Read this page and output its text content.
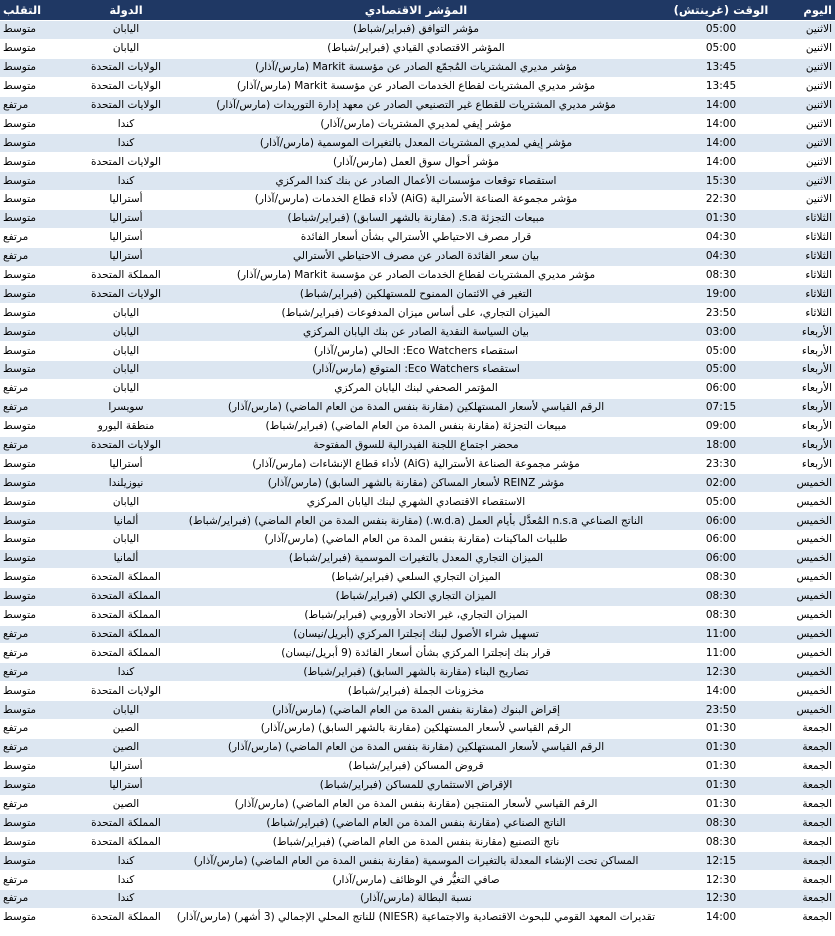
اليوم	الوقت (غرينتش)	المؤشر الاقتصادي	الدولة	التقلب
الاثنين	05:00	مؤشر التوافق (فبراير/شباط)	اليابان	متوسط
الاثنين	05:00	المؤشر الاقتصادي القيادي (فبراير/شباط)	اليابان	متوسط
الاثنين	13:45	مؤشر مديري المشتريات المُجمّع الصادر عن مؤسسة Markit (مارس/آذار)	الولايات المتحدة	متوسط
الاثنين	13:45	مؤشر مديري المشتريات لقطاع الخدمات الصادر عن مؤسسة Markit (مارس/آذار)	الولايات المتحدة	متوسط
الاثنين	14:00	مؤشر مديري المشتريات للقطاع غير التصنيعي الصادر عن معهد إدارة التوريدات (مارس/آذار)	الولايات المتحدة	مرتفع
الاثنين	14:00	مؤشر إيفي لمديري المشتريات (مارس/آذار)	كندا	متوسط
الاثنين	14:00	مؤشر إيفي لمديري المشتريات المعدل بالتغيرات الموسمية (مارس/آذار)	كندا	متوسط
الاثنين	14:00	مؤشر أحوال سوق العمل (مارس/آذار)	الولايات المتحدة	متوسط
الاثنين	15:30	استقصاء توقعات مؤسسات الأعمال الصادر عن بنك كندا المركزي	كندا	متوسط
الاثنين	22:30	مؤشر مجموعة الصناعة الأسترالية (AiG) لأداء قطاع الخدمات (مارس/آذار)	أستراليا	متوسط
الثلاثاء	01:30	مبيعات التجزئة s.a. (مقارنة بالشهر السابق) (فبراير/شباط)	أستراليا	متوسط
الثلاثاء	04:30	قرار مصرف الاحتياطي الأسترالي بشأن أسعار الفائدة	أستراليا	مرتفع
الثلاثاء	04:30	بيان سعر الفائدة الصادر عن مصرف الاحتياطي الأسترالي	أستراليا	مرتفع
الثلاثاء	08:30	مؤشر مديري المشتريات لقطاع الخدمات الصادر عن مؤسسة Markit (مارس/آذار)	المملكة المتحدة	متوسط
الثلاثاء	19:00	التغير في الائتمان الممنوح للمستهلكين (فبراير/شباط)	الولايات المتحدة	متوسط
الثلاثاء	23:50	الميزان التجاري، على أساس ميزان المدفوعات (فبراير/شباط)	اليابان	متوسط
الأربعاء	03:00	بيان السياسة النقدية الصادر عن بنك اليابان المركزي	اليابان	متوسط
الأربعاء	05:00	استقصاء Eco Watchers: الحالي (مارس/آذار)	اليابان	متوسط
الأربعاء	05:00	استقصاء Eco Watchers: المتوقع (مارس/آذار)	اليابان	متوسط
الأربعاء	06:00	المؤتمر الصحفي لبنك اليابان المركزي	اليابان	مرتفع
الأربعاء	07:15	الرقم القياسي لأسعار المستهلكين (مقارنة بنفس المدة من العام الماضي) (مارس/آذار)	سويسرا	مرتفع
الأربعاء	09:00	مبيعات التجزئة (مقارنة بنفس المدة من العام الماضي) (فبراير/شباط)	منطقة اليورو	متوسط
الأربعاء	18:00	محضر اجتماع اللجنة الفيدرالية للسوق المفتوحة	الولايات المتحدة	مرتفع
الأربعاء	23:30	مؤشر مجموعة الصناعة الأسترالية (AiG) لأداء قطاع الإنشاءات (مارس/آذار)	أستراليا	متوسط
الخميس	02:00	مؤشر REINZ لأسعار المساكن (مقارنة بالشهر السابق) (مارس/آذار)	نيوزيلندا	متوسط
الخميس	05:00	الاستقصاء الاقتصادي الشهري لبنك اليابان المركزي	اليابان	متوسط
الخميس	06:00	الناتج الصناعي n.s.a المُعدَّل بأيام العمل (w.d.a.) (مقارنة بنفس المدة من العام الماضي) (فبراير/شباط)	ألمانيا	متوسط
الخميس	06:00	طلبيات الماكينات (مقارنة بنفس المدة من العام الماضي) (مارس/آذار)	اليابان	متوسط
الخميس	06:00	الميزان التجاري المعدل بالتغيرات الموسمية (فبراير/شباط)	ألمانيا	متوسط
الخميس	08:30	الميزان التجاري السلعي (فبراير/شباط)	المملكة المتحدة	متوسط
الخميس	08:30	الميزان التجاري الكلي (فبراير/شباط)	المملكة المتحدة	متوسط
الخميس	08:30	الميزان التجاري، غير الاتحاد الأوروبي (فبراير/شباط)	المملكة المتحدة	متوسط
الخميس	11:00	تسهيل شراء الأصول لبنك إنجلترا المركزي (أبريل/نيسان)	المملكة المتحدة	مرتفع
الخميس	11:00	قرار بنك إنجلترا المركزي بشأن أسعار الفائدة (9 أبريل/نيسان)	المملكة المتحدة	مرتفع
الخميس	12:30	تصاريح البناء (مقارنة بالشهر السابق) (فبراير/شباط)	كندا	مرتفع
الخميس	14:00	مخزونات الجملة (فبراير/شباط)	الولايات المتحدة	متوسط
الخميس	23:50	إقراض البنوك (مقارنة بنفس المدة من العام الماضي) (مارس/آذار)	اليابان	متوسط
الجمعة	01:30	الرقم القياسي لأسعار المستهلكين (مقارنة بالشهر السابق) (مارس/آذار)	الصين	مرتفع
الجمعة	01:30	الرقم القياسي لأسعار المستهلكين (مقارنة بنفس المدة من العام الماضي) (مارس/آذار)	الصين	مرتفع
الجمعة	01:30	قروض المساكن (فبراير/شباط)	أستراليا	متوسط
الجمعة	01:30	الإقراض الاستثماري للمساكن (فبراير/شباط)	أستراليا	متوسط
الجمعة	01:30	الرقم القياسي لأسعار المنتجين (مقارنة بنفس المدة من العام الماضي) (مارس/آذار)	الصين	مرتفع
الجمعة	08:30	الناتج الصناعي (مقارنة بنفس المدة من العام الماضي) (فبراير/شباط)	المملكة المتحدة	متوسط
الجمعة	08:30	ناتج التصنيع (مقارنة بنفس المدة من العام الماضي) (فبراير/شباط)	المملكة المتحدة	متوسط
الجمعة	12:15	المساكن تحت الإنشاء المعدلة بالتغيرات الموسمية (مقارنة بنفس المدة من العام الماضي) (مارس/آذار)	كندا	متوسط
الجمعة	12:30	صافي التغيُّر في الوظائف (مارس/آذار)	كندا	مرتفع
الجمعة	12:30	نسبة البطالة (مارس/آذار)	كندا	مرتفع
الجمعة	14:00	تقديرات المعهد القومي للبحوث الاقتصادية والاجتماعية (NIESR) للناتج المحلي الإجمالي (3 أشهر) (مارس/آذار)	المملكة المتحدة	متوسط
